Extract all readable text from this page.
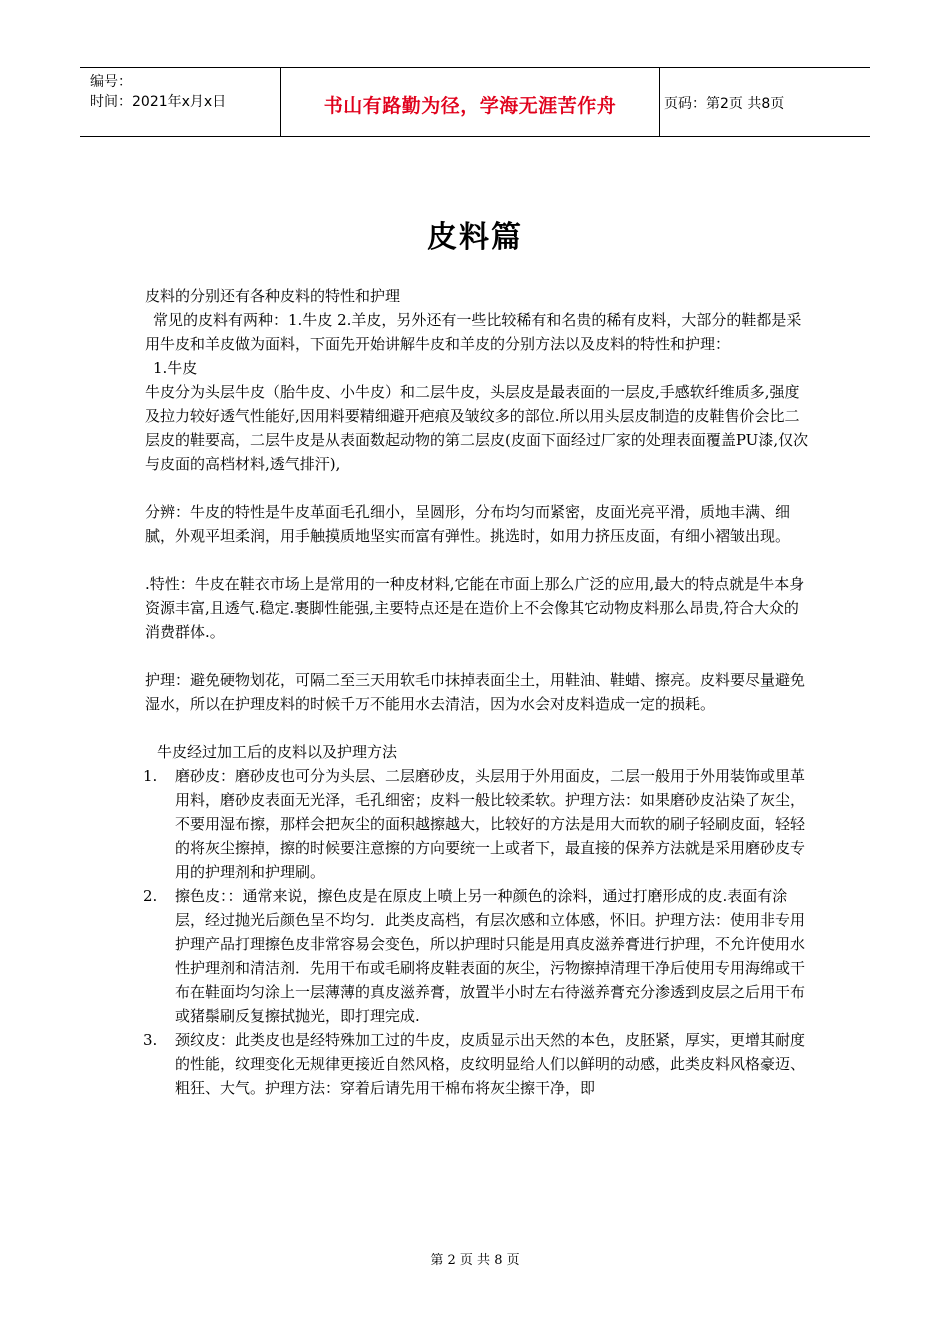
编号：
时间：2021年x月x日	书山有路勤为径，学海无涯苦作舟	页码：第2页 共8页
皮料篇

皮料的分别还有各种皮料的特性和护理

常见的皮料有两种：1.牛皮 2.羊皮，另外还有一些比较稀有和名贵的稀有皮料，大部分的鞋都是采用牛皮和羊皮做为面料，下面先开始讲解牛皮和羊皮的分别方法以及皮料的特性和护理：

1.牛皮

牛皮分为头层牛皮（胎牛皮、小牛皮）和二层牛皮，头层皮是最表面的一层皮,手感软纤维质多,强度及拉力较好透气性能好,因用料要精细避开疤痕及皱纹多的部位.所以用头层皮制造的皮鞋售价会比二层皮的鞋要高，二层牛皮是从表面数起动物的第二层皮(皮面下面经过厂家的处理表面覆盖PU漆,仅次与皮面的高档材料,透气排汗),

分辨：牛皮的特性是牛皮革面毛孔细小，呈圆形，分布均匀而紧密，皮面光亮平滑，质地丰满、细腻，外观平坦柔润，用手触摸质地坚实而富有弹性。挑选时，如用力挤压皮面，有细小褶皱出现。

.特性：牛皮在鞋衣市场上是常用的一种皮材料,它能在市面上那么广泛的应用,最大的特点就是牛本身资源丰富,且透气.稳定.裹脚性能强,主要特点还是在造价上不会像其它动物皮料那么昂贵,符合大众的消费群体.。

护理：避免硬物划花，可隔二至三天用软毛巾抹掉表面尘土，用鞋油、鞋蜡、擦亮。皮料要尽量避免湿水，所以在护理皮料的时候千万不能用水去清洁，因为水会对皮料造成一定的损耗。

牛皮经过加工后的皮料以及护理方法

1. 磨砂皮：磨砂皮也可分为头层、二层磨砂皮，头层用于外用面皮，二层一般用于外用装饰或里革用料，磨砂皮表面无光泽，毛孔细密；皮料一般比较柔软。护理方法：如果磨砂皮沾染了灰尘，不要用湿布擦，那样会把灰尘的面积越擦越大，比较好的方法是用大而软的刷子轻刷皮面，轻轻的将灰尘擦掉，擦的时候要注意擦的方向要统一上或者下，最直接的保养方法就是采用磨砂皮专用的护理剂和护理刷。
2. 擦色皮：：通常来说，擦色皮是在原皮上喷上另一种颜色的涂料，通过打磨形成的皮.表面有涂层，经过抛光后颜色呈不均匀．此类皮高档，有层次感和立体感，怀旧。护理方法：使用非专用护理产品打理擦色皮非常容易会变色，所以护理时只能是用真皮滋养膏进行护理，不允许使用水性护理剂和清洁剂．先用干布或毛刷将皮鞋表面的灰尘，污物擦掉清理干净后使用专用海绵或干布在鞋面均匀涂上一层薄薄的真皮滋养膏，放置半小时左右待滋养膏充分渗透到皮层之后用干布或猪鬃刷反复擦拭抛光，即打理完成.
3. 颈纹皮：此类皮也是经特殊加工过的牛皮，皮质显示出天然的本色，皮胚紧，厚实，更增其耐度的性能，纹理变化无规律更接近自然风格，皮纹明显给人们以鲜明的动感，此类皮料风格豪迈、粗狂、大气。护理方法：穿着后请先用干棉布将灰尘擦干净，即
第 2 页 共 8 页
